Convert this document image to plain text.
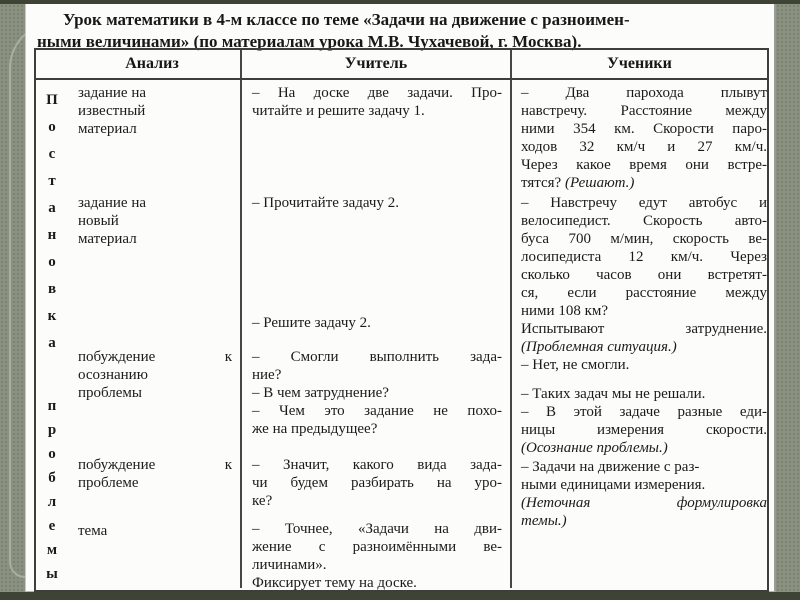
Урок математики в 4-м классе по теме «Задачи на движение с разноимен-
ными величинами» (по материалам урока М.В. Чухачевой, г. Москва).
Анализ	Учитель	Ученики
Постановка
проблемы
задание на
известный
материал
задание на
новый
материал
побуждение к
осознанию
проблемы
побуждение к
проблеме
тема
– На доске две задачи. Про-
читайте и решите задачу 1.
– Прочитайте задачу 2.
– Решите задачу 2.
– Смогли выполнить зада-
ние?
– В чем затруднение?
– Чем это задание не похо-
же на предыдущее?
– Значит, какого вида зада-
чи будем разбирать на уро-
ке?
– Точнее, «Задачи на дви-
жение с разноимёнными ве-
личинами».
Фиксирует тему на доске.
– Два парохода плывут
навстречу. Расстояние между
ними 354 км. Скорости паро-
ходов 32 км/ч и 27 км/ч.
Через какое время они встре-
тятся? (Решают.)
– Навстречу едут автобус и
велосипедист. Скорость авто-
буса 700 м/мин, скорость ве-
лосипедиста 12 км/ч. Через
сколько часов они встретят-
ся, если расстояние между
ними 108 км?
Испытывают затруднение.
(Проблемная ситуация.)
– Нет, не смогли.
– Таких задач мы не решали.
– В этой задаче разные еди-
ницы измерения скорости.
(Осознание проблемы.)
– Задачи на движение с раз-
ными единицами измерения.
(Неточная формулировка
темы.)
